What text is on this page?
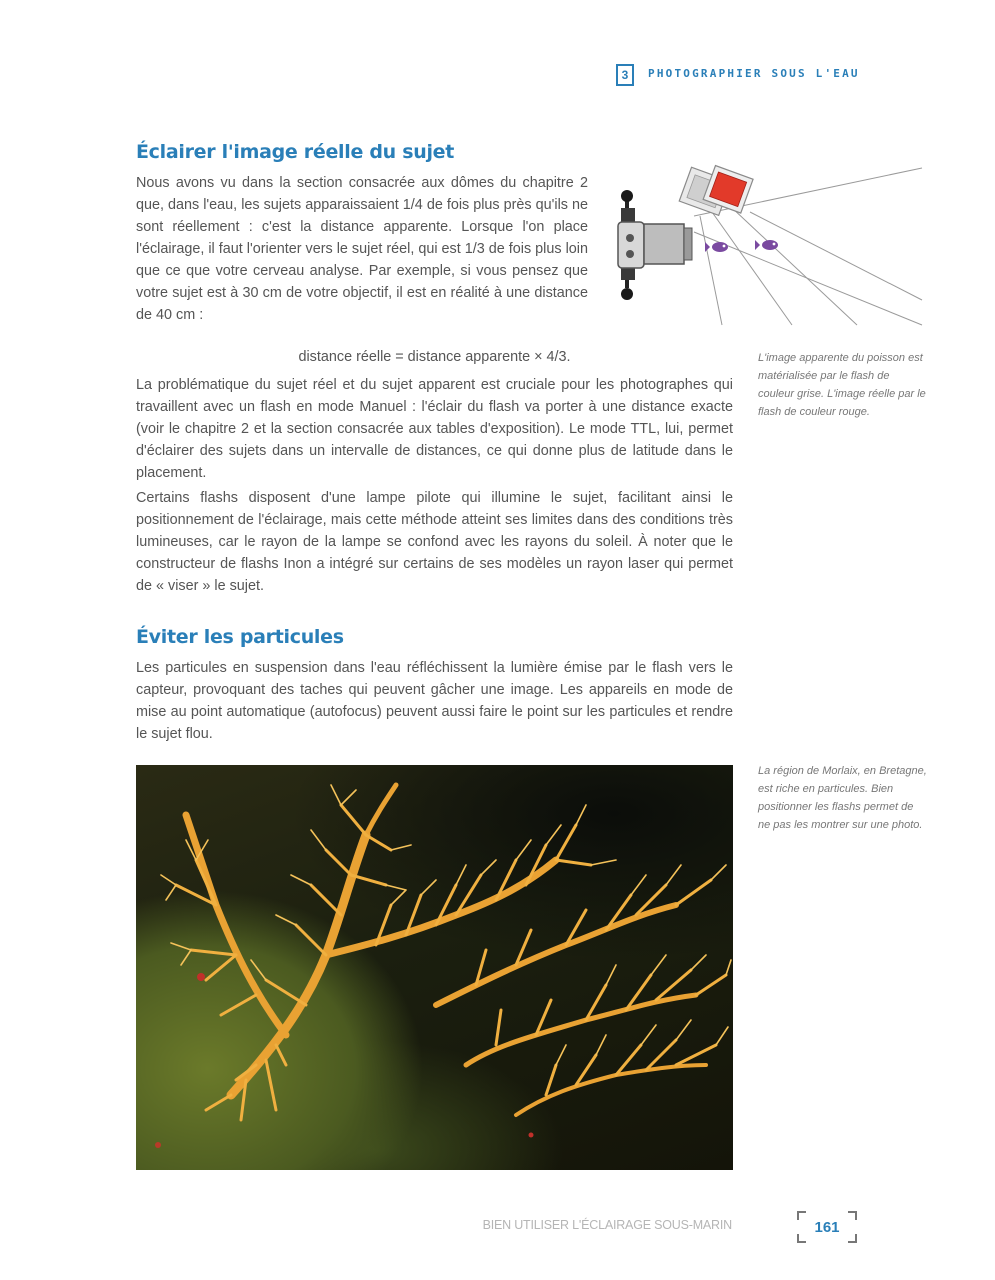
3 PHOTOGRAPHIER SOUS L'EAU
Éclairer l'image réelle du sujet

Nous avons vu dans la section consacrée aux dômes du chapitre 2 que, dans l'eau, les sujets apparaissaient 1/4 de fois plus près qu'ils ne sont réellement : c'est la distance apparente. Lorsque l'on place l'éclairage, il faut l'orienter vers le sujet réel, qui est 1/3 de fois plus loin que ce que votre cerveau analyse. Par exemple, si vous pensez que votre sujet est à 30 cm de votre objectif, il est en réalité à une distance de 40 cm :

distance réelle = distance apparente × 4/3.

La problématique du sujet réel et du sujet apparent est cruciale pour les photographes qui travaillent avec un flash en mode Manuel : l'éclair du flash va porter à une distance exacte (voir le chapitre 2 et la section consacrée aux tables d'exposition). Le mode TTL, lui, permet d'éclairer des sujets dans un intervalle de distances, ce qui donne plus de latitude dans le placement.

Certains flashs disposent d'une lampe pilote qui illumine le sujet, facilitant ainsi le positionnement de l'éclairage, mais cette méthode atteint ses limites dans des conditions très lumineuses, car le rayon de la lampe se confond avec les rayons du soleil. À noter que le constructeur de flashs Inon a intégré sur certains de ses modèles un rayon laser qui permet de « viser » le sujet.

L'image apparente du poisson est matérialisée par le flash de couleur grise. L'image réelle par le flash de couleur rouge.

Éviter les particules

Les particules en suspension dans l'eau réfléchissent la lumière émise par le flash vers le capteur, provoquant des taches qui peuvent gâcher une image. Les appareils en mode de mise au point automatique (autofocus) peuvent aussi faire le point sur les particules et rendre le sujet flou.

La région de Morlaix, en Bretagne, est riche en particules. Bien positionner les flashs permet de ne pas les montrer sur une photo.

BIEN UTILISER L'ÉCLAIRAGE SOUS-MARIN	161
